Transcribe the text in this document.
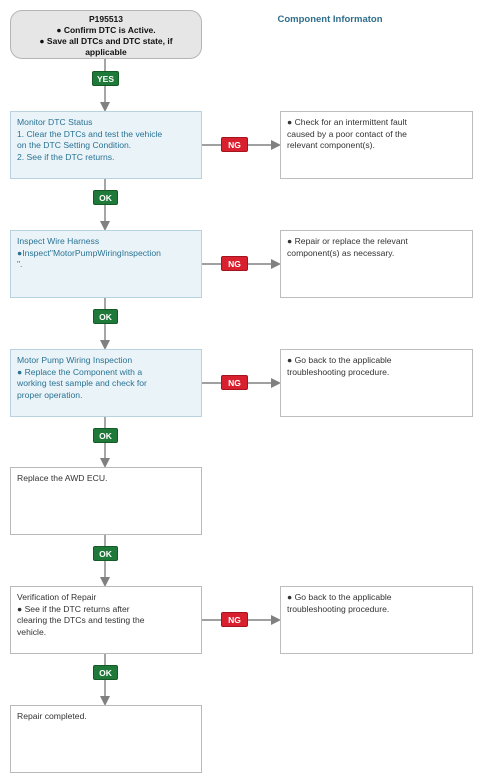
P195513
● Confirm DTC is Active.
● Save all DTCs and DTC state, if
applicable
Component Informaton
YES
OK
OK
OK
OK
OK
NG
NG
NG
NG
Monitor DTC Status
1. Clear the DTCs and test the vehicle
on the DTC Setting Condition.
2. See if the DTC returns.
● Check for an intermittent fault
caused by a poor contact of the
relevant component(s).
Inspect Wire Harness
●Inspect"MotorPumpWiringInspection
".
● Repair or replace the relevant
component(s) as necessary.
Motor Pump Wiring Inspection
● Replace the Component with a
working test sample and check for
proper operation.
● Go back to the applicable
troubleshooting procedure.
Replace the AWD ECU.
Verification of Repair
● See if the DTC returns after
clearing the DTCs and testing the
vehicle.
● Go back to the applicable
troubleshooting procedure.
Repair completed.
